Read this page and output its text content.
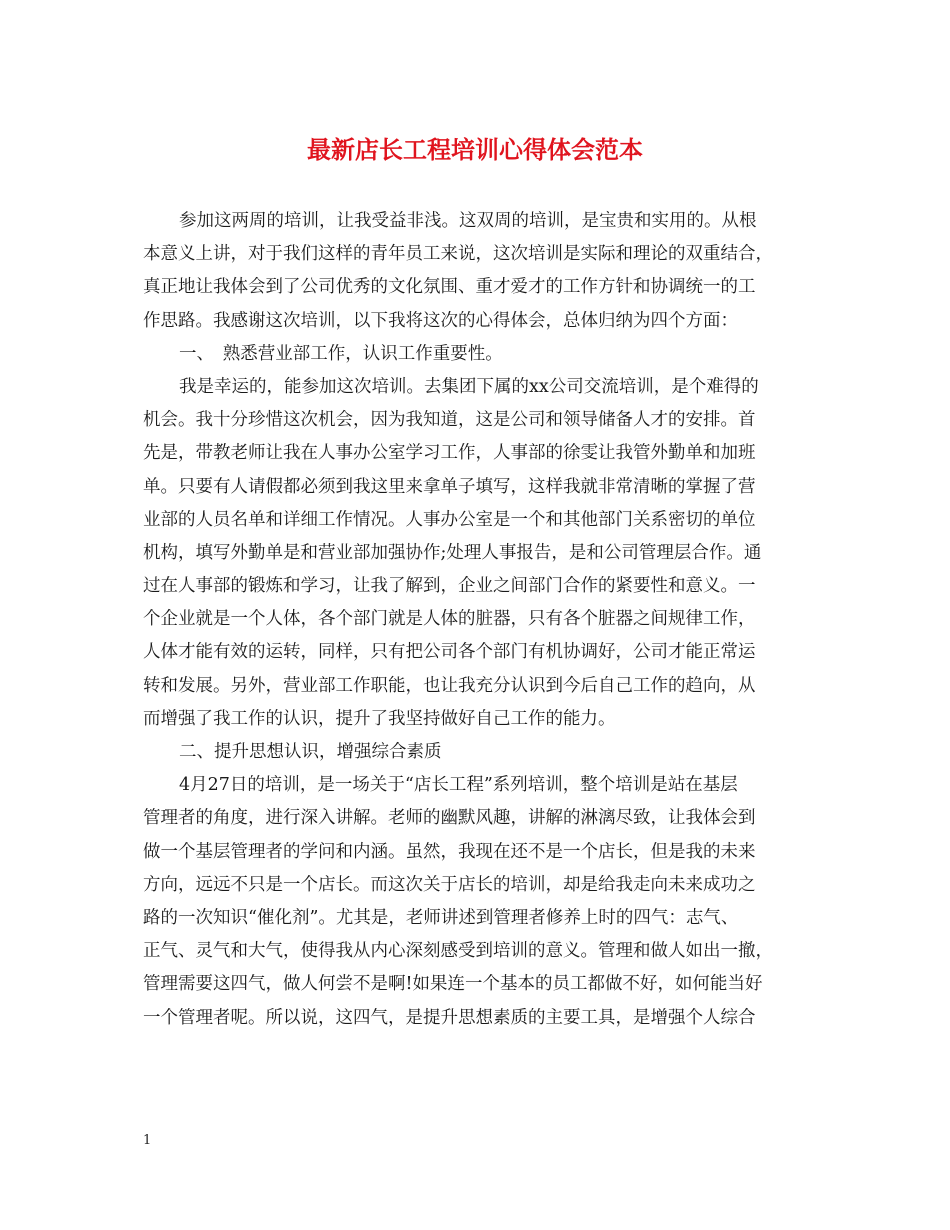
最新店长工程培训心得体会范本

参加这两周的培训，让我受益非浅。这双周的培训，是宝贵和实用的。从根

本意义上讲，对于我们这样的青年员工来说，这次培训是实际和理论的双重结合，

真正地让我体会到了公司优秀的文化氛围、重才爱才的工作方针和协调统一的工

作思路。我感谢这次培训，以下我将这次的心得体会，总体归纳为四个方面：

一、　熟悉营业部工作，认识工作重要性。

我是幸运的，能参加这次培训。去集团下属的xx公司交流培训，是个难得的

机会。我十分珍惜这次机会，因为我知道，这是公司和领导储备人才的安排。首

先是，带教老师让我在人事办公室学习工作，人事部的徐雯让我管外勤单和加班

单。只要有人请假都必须到我这里来拿单子填写，这样我就非常清晰的掌握了营

业部的人员名单和详细工作情况。人事办公室是一个和其他部门关系密切的单位

机构，填写外勤单是和营业部加强协作;处理人事报告，是和公司管理层合作。通

过在人事部的锻炼和学习，让我了解到，企业之间部门合作的紧要性和意义。一

个企业就是一个人体，各个部门就是人体的脏器，只有各个脏器之间规律工作，

人体才能有效的运转，同样，只有把公司各个部门有机协调好，公司才能正常运

转和发展。另外，营业部工作职能，也让我充分认识到今后自己工作的趋向，从

而增强了我工作的认识，提升了我坚持做好自己工作的能力。

二、提升思想认识，增强综合素质

4月27日的培训，是一场关于“店长工程”系列培训，整个培训是站在基层

管理者的角度，进行深入讲解。老师的幽默风趣，讲解的淋漓尽致，让我体会到

做一个基层管理者的学问和内涵。虽然，我现在还不是一个店长，但是我的未来

方向，远远不只是一个店长。而这次关于店长的培训，却是给我走向未来成功之

路的一次知识“催化剂”。尤其是，老师讲述到管理者修养上时的四气：志气、

正气、灵气和大气，使得我从内心深刻感受到培训的意义。管理和做人如出一撤，

管理需要这四气，做人何尝不是啊!如果连一个基本的员工都做不好，如何能当好

一个管理者呢。所以说，这四气，是提升思想素质的主要工具，是增强个人综合

1
